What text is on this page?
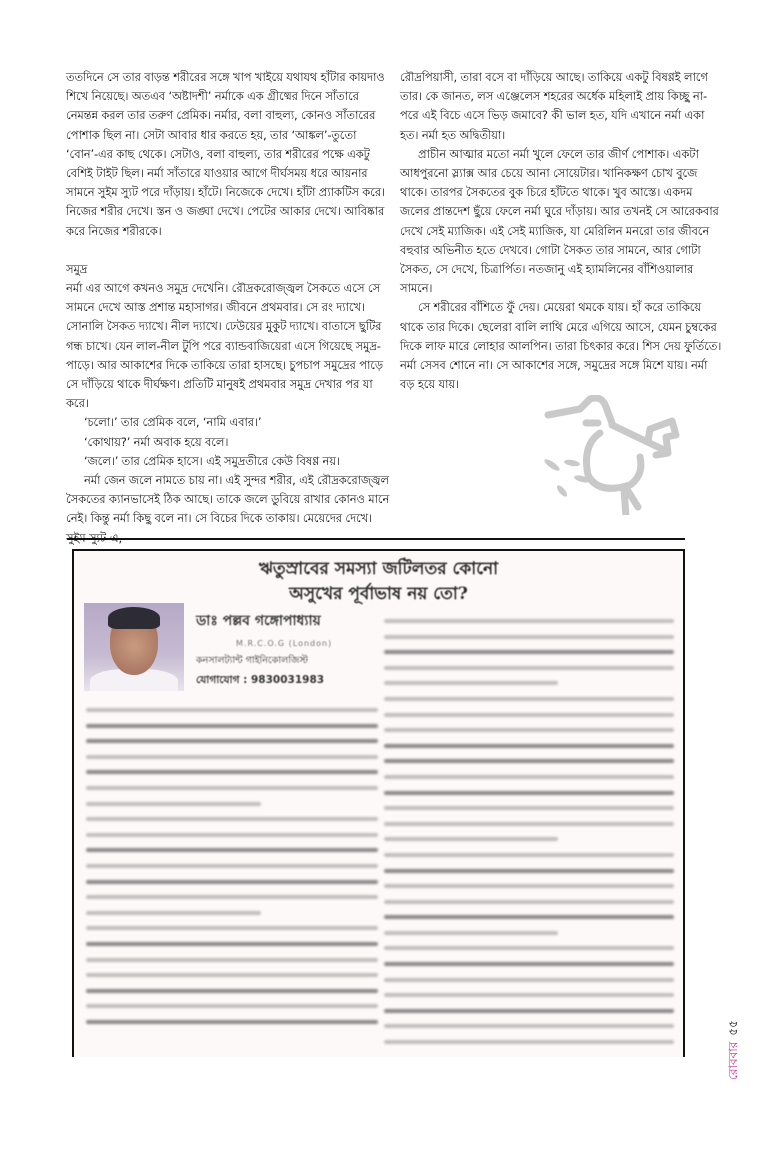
ততদিনে সে তার বাড়ন্ত শরীরের সঙ্গে খাপ খাইয়ে যথাযথ হাঁটার কায়দাও শিখে নিয়েছে। অতএব ‘অষ্টাদশী’ নর্মাকে এক গ্রীষ্মের দিনে সাঁতারে নেমন্তন্ন করল তার তরুণ প্রেমিক। নর্মার, বলা বাহুল্য, কোনও সাঁতারের পোশাক ছিল না। সেটা আবার ধার করতে হয়, তার ‘আঙ্কল’-তুতো ‘বোন’-এর কাছ থেকে। সেটাও, বলা বাহুল্য, তার শরীরের পক্ষে একটু বেশিই টাইট ছিল। নর্মা সাঁতারে যাওয়ার আগে দীর্ঘসময় ধরে আয়নার সামনে সুইম স্যুট পরে দাঁড়ায়। হাঁটে। নিজেকে দেখে। হাঁটা প্র্যাকটিস করে। নিজের শরীর দেখে। স্তন ও জঙ্ঘা দেখে। পেটের আকার দেখে। আবিষ্কার করে নিজের শরীরকে।

সমুদ্র

নর্মা এর আগে কখনও সমুদ্র দেখেনি। রৌদ্রকরোজ্জ্বল সৈকতে এসে সে সামনে দেখে আস্ত প্রশান্ত মহাসাগর। জীবনে প্রথমবার। সে রং দ্যাখে। সোনালি সৈকত দ্যাখে। নীল দ্যাখে। ঢেউয়ের মুকুট দ্যাখে। বাতাসে ছুটির গন্ধ চাখে। যেন লাল-নীল টুপি পরে ব্যান্ডবাজিয়েরা এসে গিয়েছে সমুদ্র-পাড়ে। আর আকাশের দিকে তাকিয়ে তারা হাসছে। চুপচাপ সমুদ্রের পাড়ে সে দাঁড়িয়ে থাকে দীর্ঘক্ষণ। প্রতিটি মানুষই প্রথমবার সমুদ্র দেখার পর যা করে।

‘চলো।’ তার প্রেমিক বলে, ‘নামি এবার।’

‘কোথায়?’ নর্মা অবাক হয়ে বলে।

‘জলে।’ তার প্রেমিক হাসে। এই সমুদ্রতীরে কেউ বিষণ্ণ নয়।

নর্মা জেন জলে নামতে চায় না। এই সুন্দর শরীর, এই রৌদ্রকরোজ্জ্বল সৈকতের ক্যানভাসেই ঠিক আছে। তাকে জলে ডুবিয়ে রাখার কোনও মানে নেই। কিন্তু নর্মা কিছু বলে না। সে বিচের দিকে তাকায়। মেয়েদের দেখে।

রৌদ্রপিয়াসী, তারা বসে বা দাঁড়িয়ে আছে। তাকিয়ে একটু বিষণ্ণই লাগে তার। কে জানত, লস এঞ্জেলেস শহরের অর্ধেক মহিলাই প্রায় কিচ্ছু না-পরে এই বিচে এসে ভিড় জমাবে? কী ভাল হত, যদি এখানে নর্মা একা হত। নর্মা হত অদ্বিতীয়া।

প্রাচীন আত্মার মতো নর্মা খুলে ফেলে তার জীর্ণ পোশাক। একটা আধপুরনো স্ল্যাক্স আর চেয়ে আনা সোয়েটার। খানিকক্ষণ চোখ বুজে থাকে। তারপর সৈকতের বুক চিরে হাঁটতে থাকে। খুব আস্তে। একদম জলের প্রান্তদেশ ছুঁয়ে ফেলে নর্মা ঘুরে দাঁড়ায়। আর তখনই সে আরেকবার দেখে সেই ম্যাজিক। এই সেই ম্যাজিক, যা মেরিলিন মনরো তার জীবনে বহুবার অভিনীত হতে দেখবে। গোটা সৈকত তার সামনে, আর গোটা সৈকত, সে দেখে, চিত্রার্পিত। নতজানু এই হ্যামলিনের বাঁশিওয়ালার সামনে।

সে শরীরের বাঁশিতে ফুঁ দেয়। মেয়েরা থমকে যায়। হাঁ করে তাকিয়ে থাকে তার দিকে। ছেলেরা বালি লাথি মেরে এগিয়ে আসে, যেমন চুম্বকের দিকে লাফ মারে লোহার আলপিন। তারা চিৎকার করে। শিস দেয় ফুর্তিতে। নর্মা সেসব শোনে না। সে আকাশের সঙ্গে, সমুদ্রের সঙ্গে মিশে যায়। নর্মা বড় হয়ে যায়।

ঋতুস্রাবের সমস্যা জটিলতর কোনো
অসুখের পূর্বাভাষ নয় তো?
ডাঃ পল্লব গঙ্গোপাধ্যায়
M.R.C.O.G (London)
কনসালট্যান্ট গাইনিকোলজিস্ট
যোগাযোগ : 9830031983
রোববার৫৫
